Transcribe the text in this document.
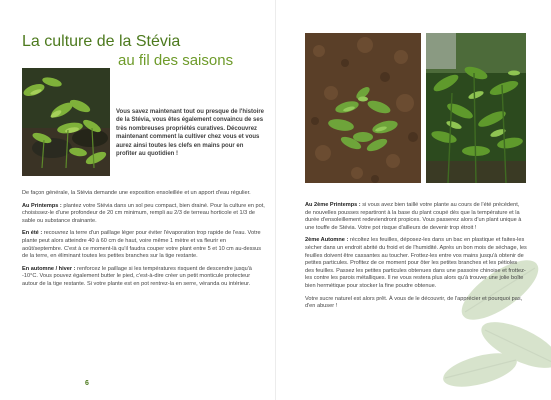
La culture de la Stévia
au fil des saisons
Vous savez maintenant tout ou presque de l'histoire de la Stévia, vous êtes également convaincu de ses très nombreuses propriétés curatives. Découvrez maintenant comment la cultiver chez vous et vous aurez ainsi toutes les clefs en mains pour en profiter au quotidien !

De façon générale, la Stévia demande une exposition ensoleillée et un apport d'eau régulier.

Au Printemps : plantez votre Stévia dans un sol peu compact, bien drainé. Pour la culture en pot, choisissez-le d'une profondeur de 20 cm minimum, rempli au 2/3 de terreau horticole et 1/3 de sable ou substance drainante.

En été : recouvrez la terre d'un paillage léger pour éviter l'évaporation trop rapide de l'eau. Votre plante peut alors atteindre 40 à 60 cm de haut, voire même 1 mètre et va fleurir en août/septembre. C'est à ce moment-là qu'il faudra couper votre plant entre 5 et 10 cm au-dessus de la terre, en éliminant toutes les petites branches sur la tige restante.

En automne / hiver : renforcez le paillage si les températures risquent de descendre jusqu'à -10°C. Vous pouvez également butter le pied, c'est-à-dire créer un petit monticule protecteur autour de la tige restante. Si votre plante est en pot rentrez-la en serre, véranda ou intérieur.

6

Au 2ème Printemps : si vous avez bien taillé votre plante au cours de l'été précédent, de nouvelles pousses repartiront à la base du plant coupé dès que la température et la durée d'ensoleillement redeviendront propices. Vous passerez alors d'un plant unique à une touffe de Stévia. Votre pot risque d'ailleurs de devenir trop étroit !

2ème Automne : récoltez les feuilles, déposez-les dans un bac en plastique et faites-les sécher dans un endroit abrité du froid et de l'humidité. Après un bon mois de séchage, les feuilles doivent être cassantes au toucher. Frottez-les entre vos mains jusqu'à obtenir de petites particules. Profitez de ce moment pour ôter les petites branches et les pétioles des feuilles. Passez les petites particules obtenues dans une passoire chinoise et frottez-les contre les parois métalliques. Il ne vous restera plus alors qu'à trouver une jolie boîte bien hermétique pour stocker la fine poudre obtenue.

Votre sucre naturel est alors prêt. À vous de le découvrir, de l'apprécier et pourquoi pas, d'en abuser !
